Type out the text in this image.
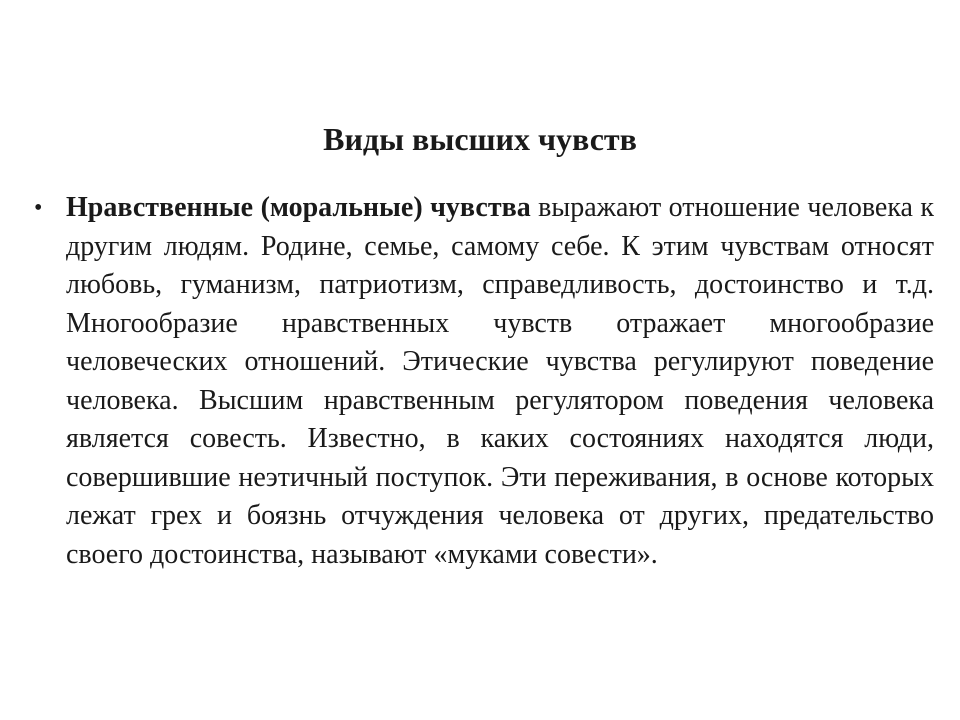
Виды высших чувств
• Нравственные (моральные) чувства выражают отношение человека к другим людям. Родине, семье, самому себе. К этим чувствам относят любовь, гуманизм, патриотизм, справедливость, достоинство и т.д. Многообразие нравственных чувств отражает многообразие человеческих отношений. Этические чувства регулируют поведение человека. Высшим нравственным регулятором поведения человека является совесть. Известно, в каких состояниях находятся люди, совершившие неэтичный поступок. Эти переживания, в основе которых лежат грех и боязнь отчуждения человека от других, предательство своего достоинства, называют «муками совести».
